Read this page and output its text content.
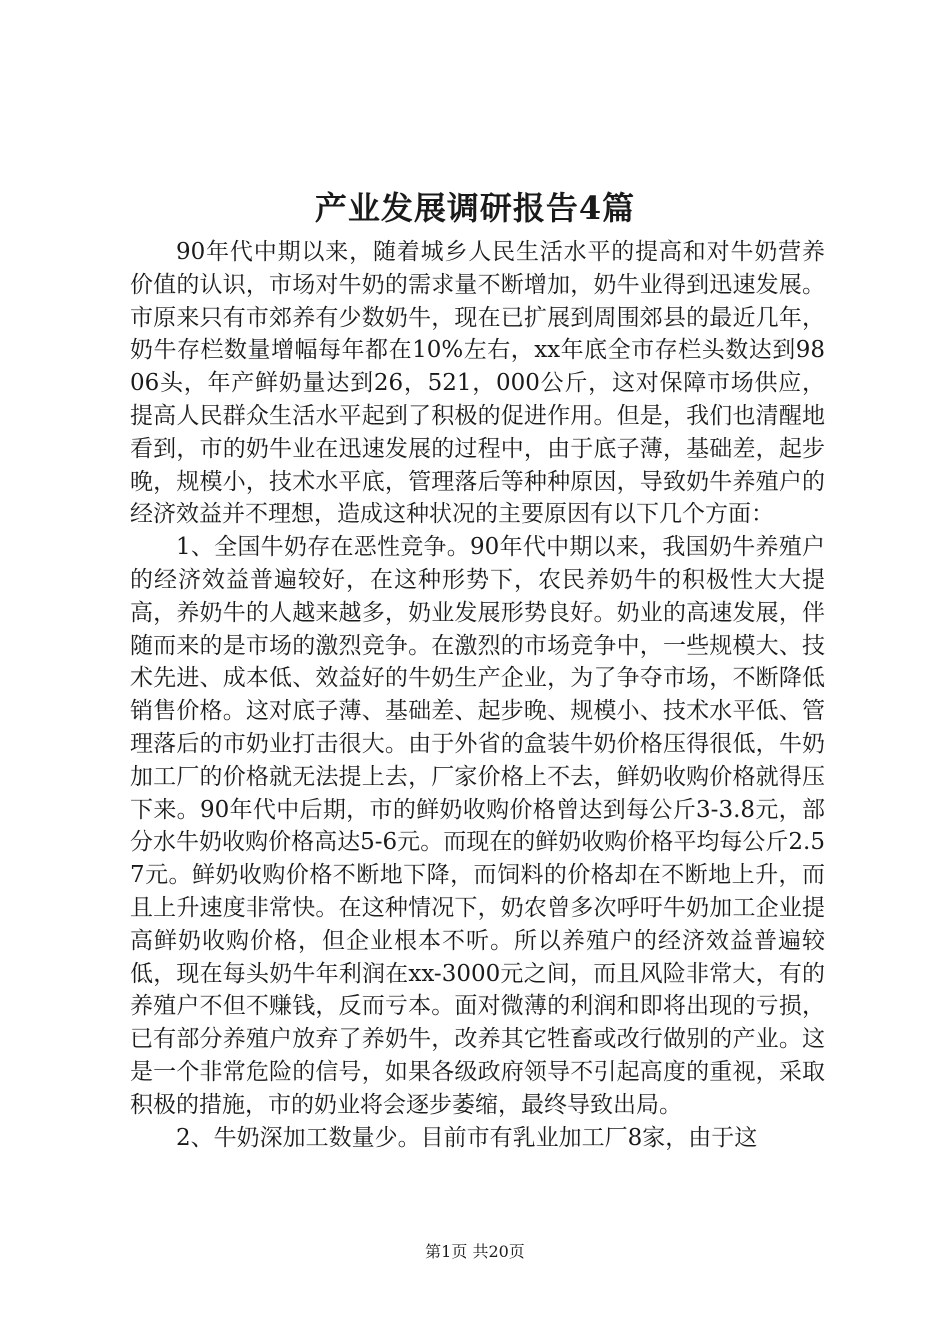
产业发展调研报告4篇

90年代中期以来，随着城乡人民生活水平的提高和对牛奶营养价值的认识，市场对牛奶的需求量不断增加，奶牛业得到迅速发展。市原来只有市郊养有少数奶牛，现在已扩展到周围郊县的最近几年，奶牛存栏数量增幅每年都在10%左右，xx年底全市存栏头数达到9806头，年产鲜奶量达到26，521，000公斤，这对保障市场供应，提高人民群众生活水平起到了积极的促进作用。但是，我们也清醒地看到，市的奶牛业在迅速发展的过程中，由于底子薄，基础差，起步晚，规模小，技术水平底，管理落后等种种原因，导致奶牛养殖户的经济效益并不理想，造成这种状况的主要原因有以下几个方面：

1、全国牛奶存在恶性竞争。90年代中期以来，我国奶牛养殖户的经济效益普遍较好，在这种形势下，农民养奶牛的积极性大大提高，养奶牛的人越来越多，奶业发展形势良好。奶业的高速发展，伴随而来的是市场的激烈竞争。在激烈的市场竞争中，一些规模大、技术先进、成本低、效益好的牛奶生产企业，为了争夺市场，不断降低销售价格。这对底子薄、基础差、起步晚、规模小、技术水平低、管理落后的市奶业打击很大。由于外省的盒装牛奶价格压得很低，牛奶加工厂的价格就无法提上去，厂家价格上不去，鲜奶收购价格就得压下来。90年代中后期，市的鲜奶收购价格曾达到每公斤3-3.8元，部分水牛奶收购价格高达5-6元。而现在的鲜奶收购价格平均每公斤2.57元。鲜奶收购价格不断地下降，而饲料的价格却在不断地上升，而且上升速度非常快。在这种情况下，奶农曾多次呼吁牛奶加工企业提高鲜奶收购价格，但企业根本不听。所以养殖户的经济效益普遍较低，现在每头奶牛年利润在xx-3000元之间，而且风险非常大，有的养殖户不但不赚钱，反而亏本。面对微薄的利润和即将出现的亏损，已有部分养殖户放弃了养奶牛，改养其它牲畜或改行做别的产业。这是一个非常危险的信号，如果各级政府领导不引起高度的重视，采取积极的措施，市的奶业将会逐步萎缩，最终导致出局。

2、牛奶深加工数量少。目前市有乳业加工厂8家，由于这

第1页 共20页
